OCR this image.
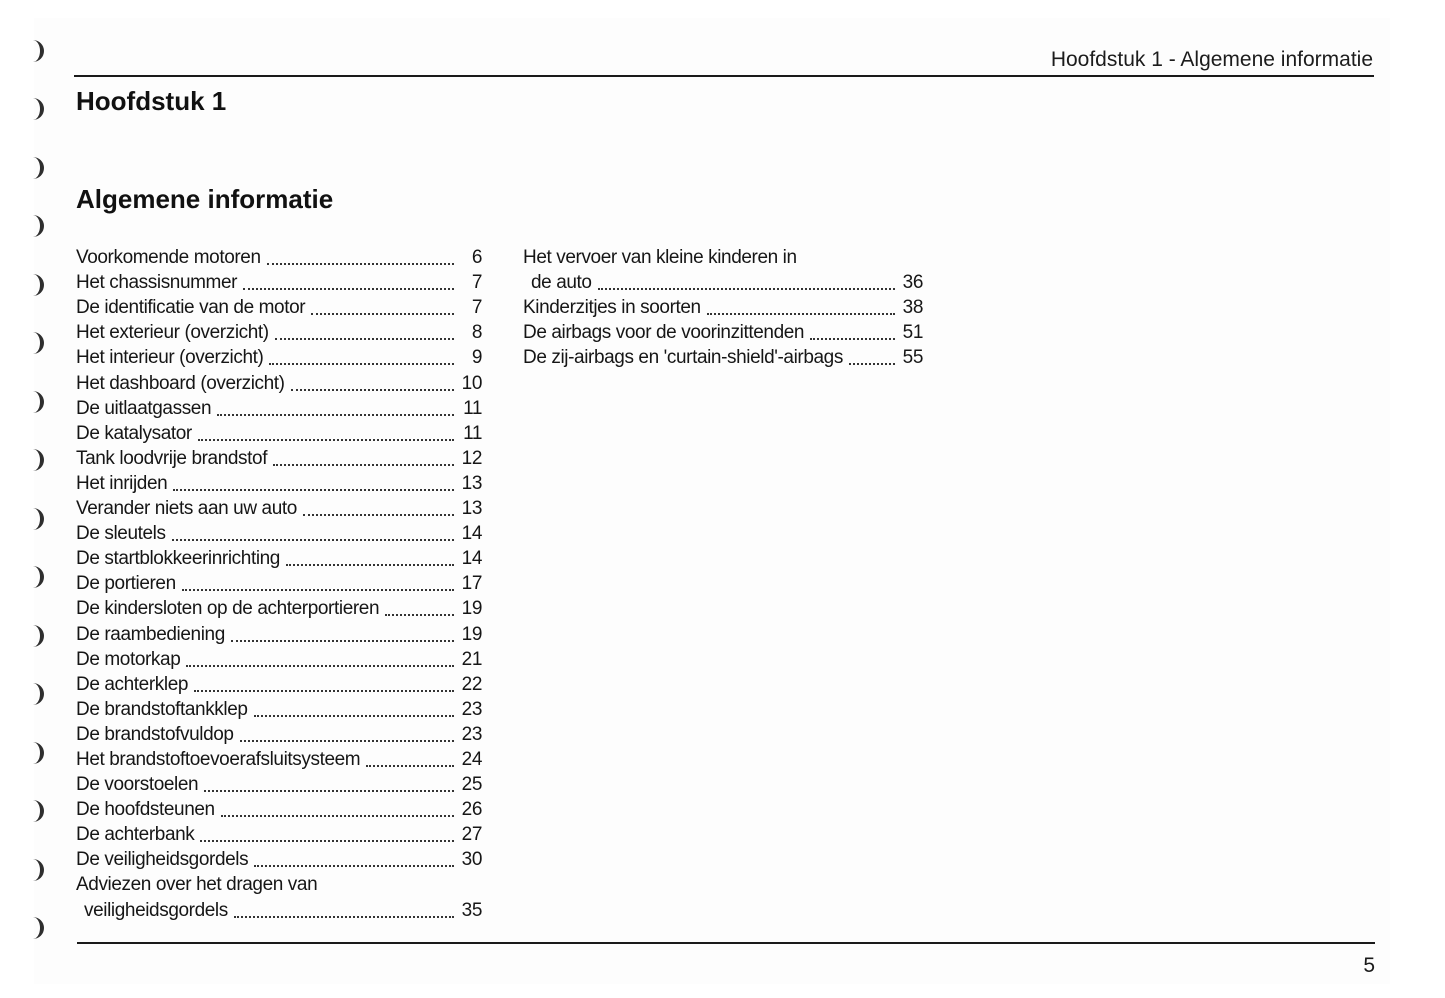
Hoofdstuk 1 - Algemene informatie
Hoofdstuk 1
Algemene informatie
Voorkomende motoren	6
Het chassisnummer	7
De identificatie van de motor	7
Het exterieur (overzicht)	8
Het interieur (overzicht)	9
Het dashboard (overzicht)	10
De uitlaatgassen	11
De katalysator	11
Tank loodvrije brandstof	12
Het inrijden	13
Verander niets aan uw auto	13
De sleutels	14
De startblokkeerinrichting	14
De portieren	17
De kindersloten op de achterportieren	19
De raambediening	19
De motorkap	21
De achterklep	22
De brandstoftankklep	23
De brandstofvuldop	23
Het brandstoftoevoerafsluitsysteem	24
De voorstoelen	25
De hoofdsteunen	26
De achterbank	27
De veiligheidsgordels	30
Adviezen over het dragen van
veiligheidsgordels	35
Het vervoer van kleine kinderen in
de auto	36
Kinderzitjes in soorten	38
De airbags voor de voorinzittenden	51
De zij-airbags en 'curtain-shield'-airbags	55
5
